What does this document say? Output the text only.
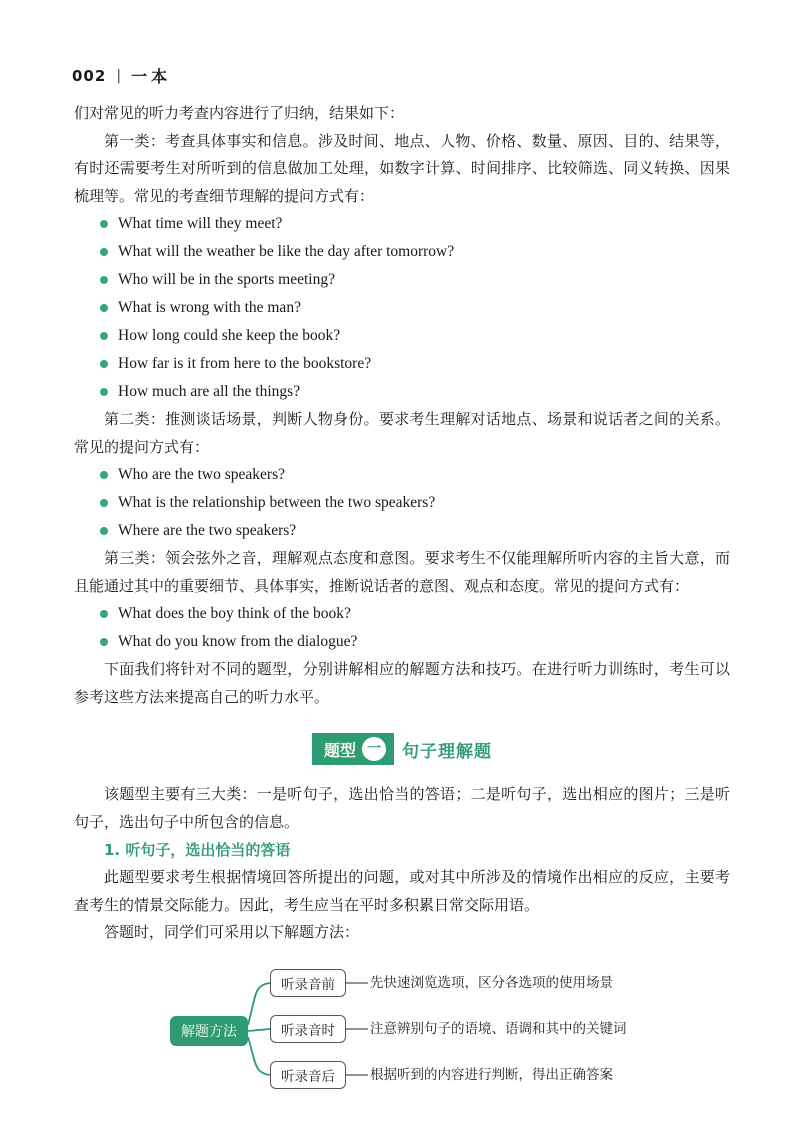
002 | 一本

们对常见的听力考查内容进行了归纳，结果如下：

第一类：考查具体事实和信息。涉及时间、地点、人物、价格、数量、原因、目的、结果等，有时还需要考生对所听到的信息做加工处理，如数字计算、时间排序、比较筛选、同义转换、因果梳理等。常见的考查细节理解的提问方式有：

What time will they meet?
What will the weather be like the day after tomorrow?
Who will be in the sports meeting?
What is wrong with the man?
How long could she keep the book?
How far is it from here to the bookstore?
How much are all the things?

第二类：推测谈话场景，判断人物身份。要求考生理解对话地点、场景和说话者之间的关系。常见的提问方式有：

Who are the two speakers?
What is the relationship between the two speakers?
Where are the two speakers?

第三类：领会弦外之音，理解观点态度和意图。要求考生不仅能理解所听内容的主旨大意，而且能通过其中的重要细节、具体事实，推断说话者的意图、观点和态度。常见的提问方式有：

What does the boy think of the book?
What do you know from the dialogue?

下面我们将针对不同的题型，分别讲解相应的解题方法和技巧。在进行听力训练时，考生可以参考这些方法来提高自己的听力水平。

题型 一 句子理解题

该题型主要有三大类：一是听句子，选出恰当的答语；二是听句子，选出相应的图片；三是听句子，选出句子中所包含的信息。

1. 听句子，选出恰当的答语

此题型要求考生根据情境回答所提出的问题，或对其中所涉及的情境作出相应的反应，主要考查考生的情景交际能力。因此，考生应当在平时多积累日常交际用语。

答题时，同学们可采用以下解题方法：

解题方法
听录音前
听录音时
听录音后
先快速浏览选项，区分各选项的使用场景
注意辨别句子的语境、语调和其中的关键词
根据听到的内容进行判断，得出正确答案
